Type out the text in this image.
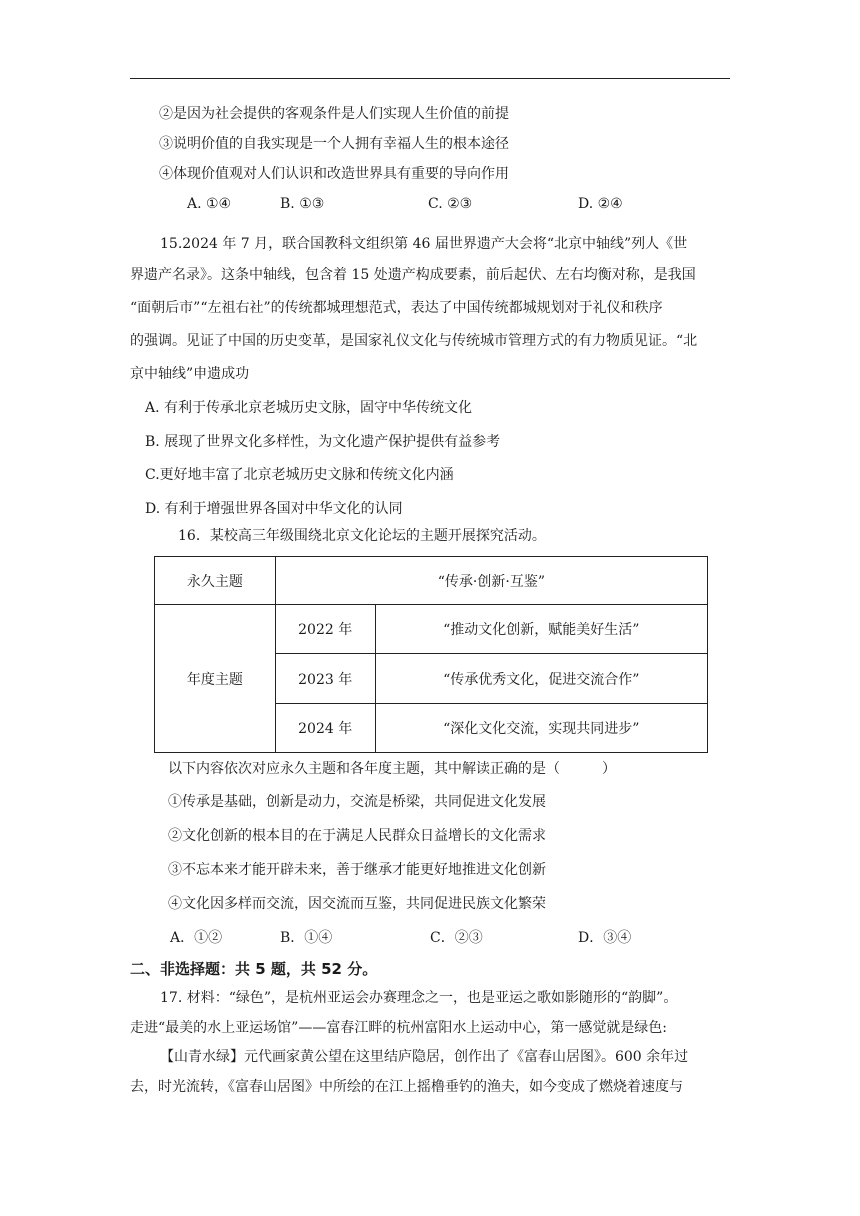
②是因为社会提供的客观条件是人们实现人生价值的前提
③说明价值的自我实现是一个人拥有幸福人生的根本途径
④体现价值观对人们认识和改造世界具有重要的导向作用
A. ①④	B. ①③	C. ②③	D. ②④
15.2024 年 7 月，联合国教科文组织第 46 届世界遗产大会将“北京中轴线”列人《世
界遗产名录》。这条中轴线，包含着 15 处遗产构成要素，前后起伏、左右均衡对称，是我国
“面朝后市”“左祖右社”的传统都城理想范式，表达了中国传统都城规划对于礼仪和秩序
的强调。见证了中国的历史变革，是国家礼仪文化与传统城市管理方式的有力物质见证。“北
京中轴线”申遗成功
A. 有利于传承北京老城历史文脉，固守中华传统文化
B. 展现了世界文化多样性，为文化遗产保护提供有益参考
C.更好地丰富了北京老城历史文脉和传统文化内涵
D. 有利于增强世界各国对中华文化的认同
16．某校高三年级围绕北京文化论坛的主题开展探究活动。
永久主题	“传承·创新·互鉴”	
年度主题	2022 年	“推动文化创新，赋能美好生活”
	2023 年	“传承优秀文化，促进交流合作”
	2024 年	“深化文化交流，实现共同进步”
以下内容依次对应永久主题和各年度主题，其中解读正确的是（　　　）
①传承是基础，创新是动力，交流是桥梁，共同促进文化发展
②文化创新的根本目的在于满足人民群众日益增长的文化需求
③不忘本来才能开辟未来，善于继承才能更好地推进文化创新
④文化因多样而交流，因交流而互鉴，共同促进民族文化繁荣
A．①②	B．①④	C．②③	D．③④
二、非选择题：共 5 题，共 52 分。
17. 材料：“绿色”，是杭州亚运会办赛理念之一，也是亚运之歌如影随形的“韵脚”。
走进“最美的水上亚运场馆”——富春江畔的杭州富阳水上运动中心，第一感觉就是绿色:
【山青水绿】元代画家黄公望在这里结庐隐居，创作出了《富春山居图》。600 余年过
去，时光流转，《富春山居图》中所绘的在江上摇橹垂钓的渔夫，如今变成了燃烧着速度与
